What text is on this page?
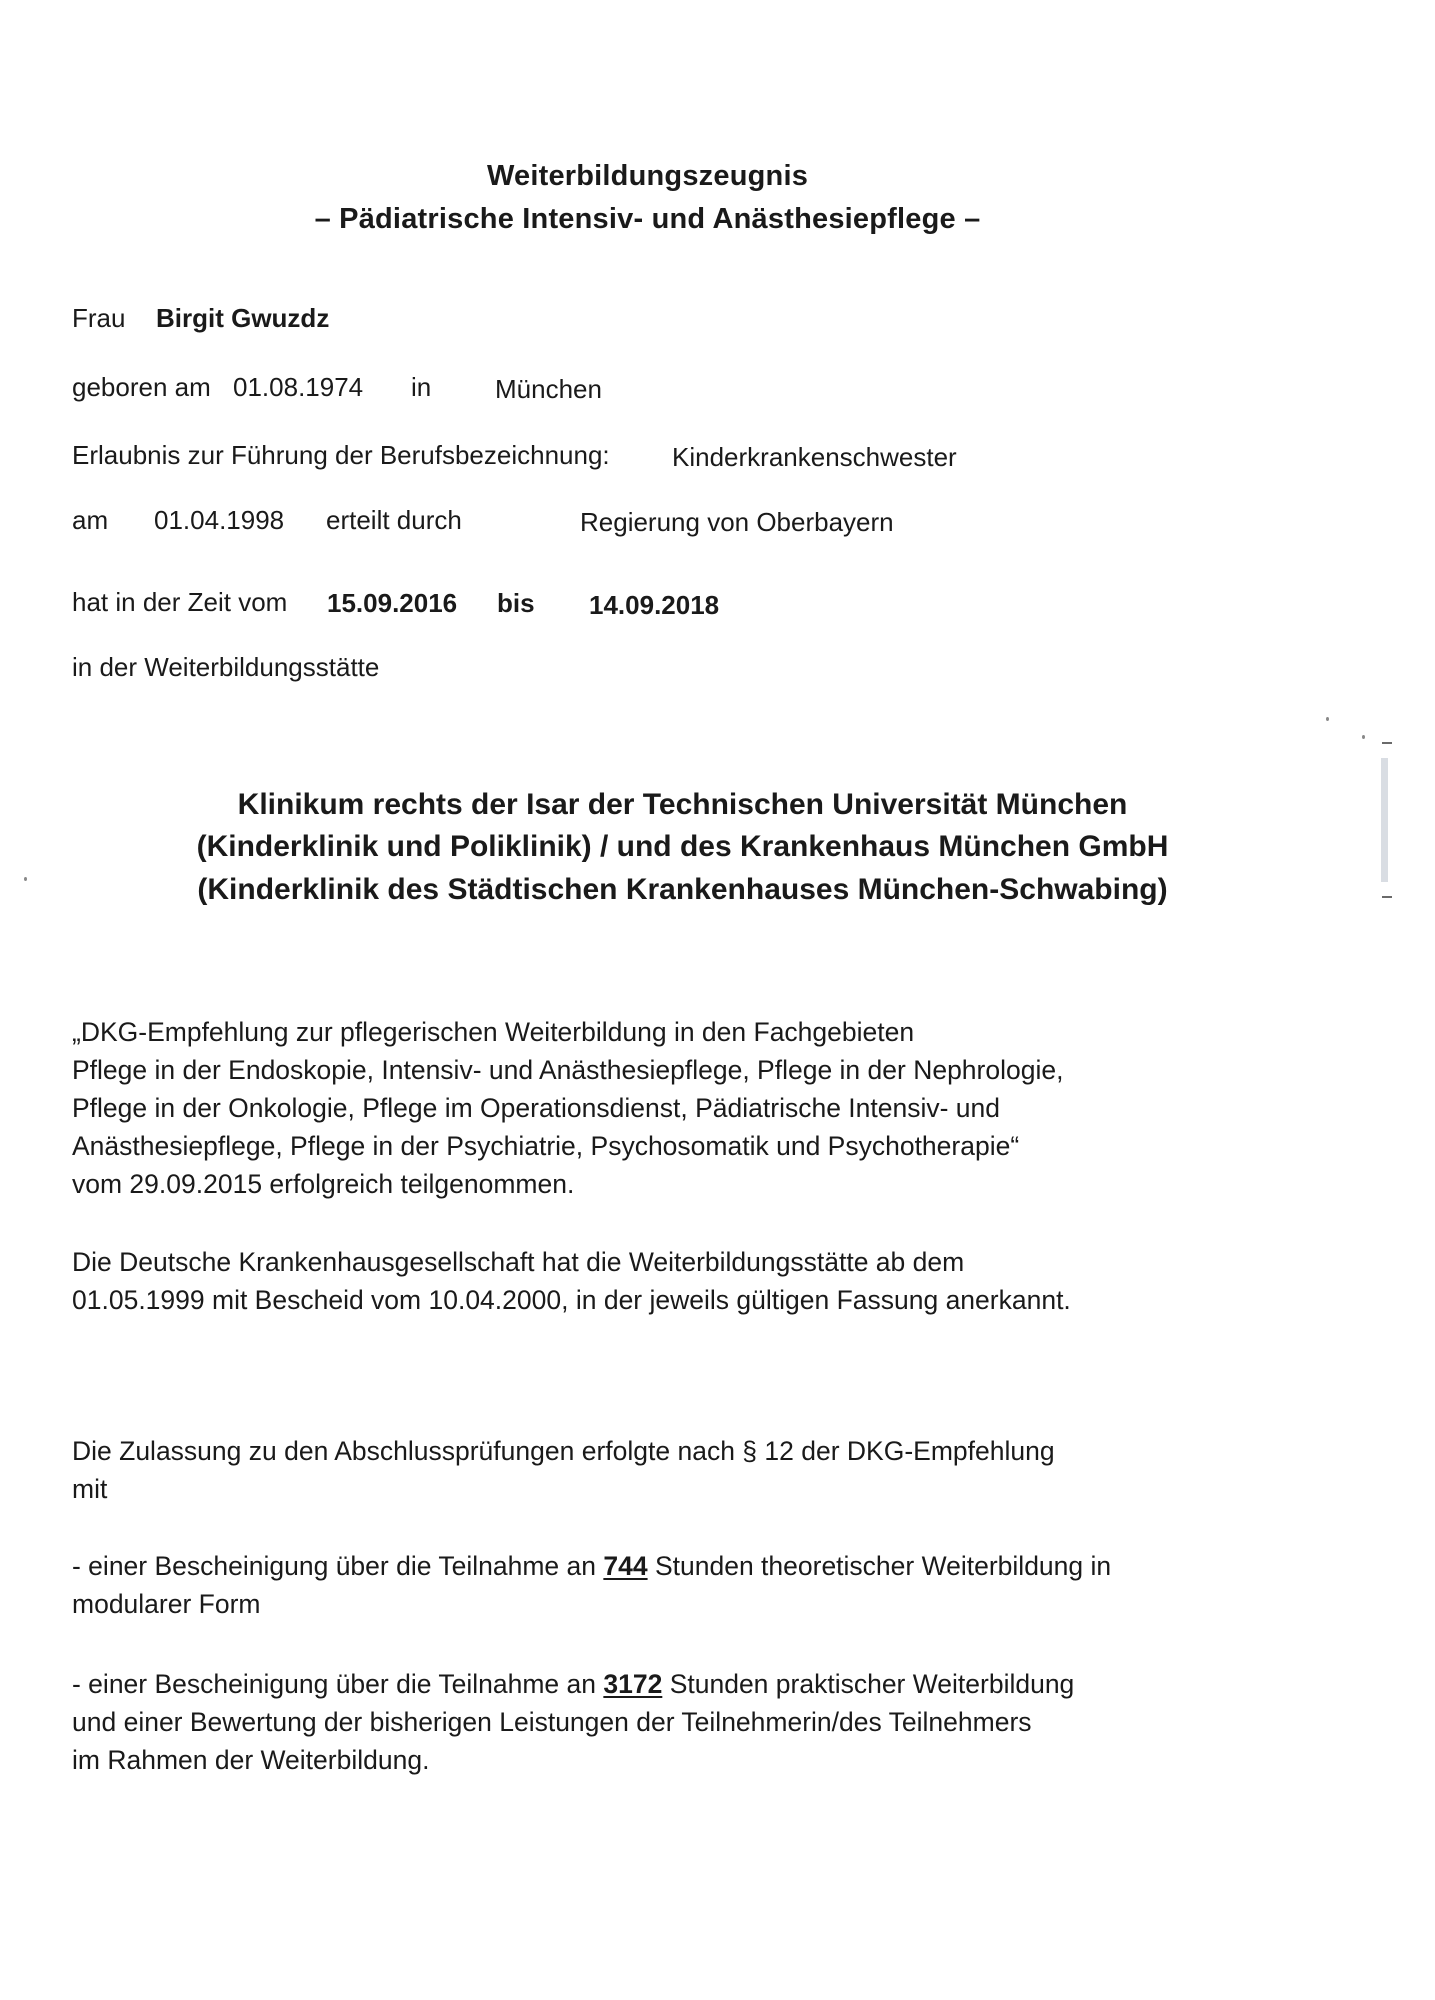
Weiterbildungszeugnis
– Pädiatrische Intensiv- und Anästhesiepflege –
Frau Birgit Gwuzdz
geboren am 01.08.1974 in München
Erlaubnis zur Führung der Berufsbezeichnung: Kinderkrankenschwester
am 01.04.1998 erteilt durch	Regierung von Oberbayern
hat in der Zeit vom 15.09.2016 bis 14.09.2018
in der Weiterbildungsstätte
Klinikum rechts der Isar der Technischen Universität München
(Kinderklinik und Poliklinik) / und des Krankenhaus München GmbH
(Kinderklinik des Städtischen Krankenhauses München-Schwabing)
„DKG-Empfehlung zur pflegerischen Weiterbildung in den Fachgebieten
Pflege in der Endoskopie, Intensiv- und Anästhesiepflege, Pflege in der Nephrologie,
Pflege in der Onkologie, Pflege im Operationsdienst, Pädiatrische Intensiv- und
Anästhesiepflege, Pflege in der Psychiatrie, Psychosomatik und Psychotherapie“
vom 29.09.2015 erfolgreich teilgenommen.
Die Deutsche Krankenhausgesellschaft hat die Weiterbildungsstätte ab dem
01.05.1999 mit Bescheid vom 10.04.2000, in der jeweils gültigen Fassung anerkannt.
Die Zulassung zu den Abschlussprüfungen erfolgte nach § 12 der DKG-Empfehlung
mit
- einer Bescheinigung über die Teilnahme an 744 Stunden theoretischer Weiterbildung in
modularer Form
- einer Bescheinigung über die Teilnahme an 3172 Stunden praktischer Weiterbildung
und einer Bewertung der bisherigen Leistungen der Teilnehmerin/des Teilnehmers
im Rahmen der Weiterbildung.
